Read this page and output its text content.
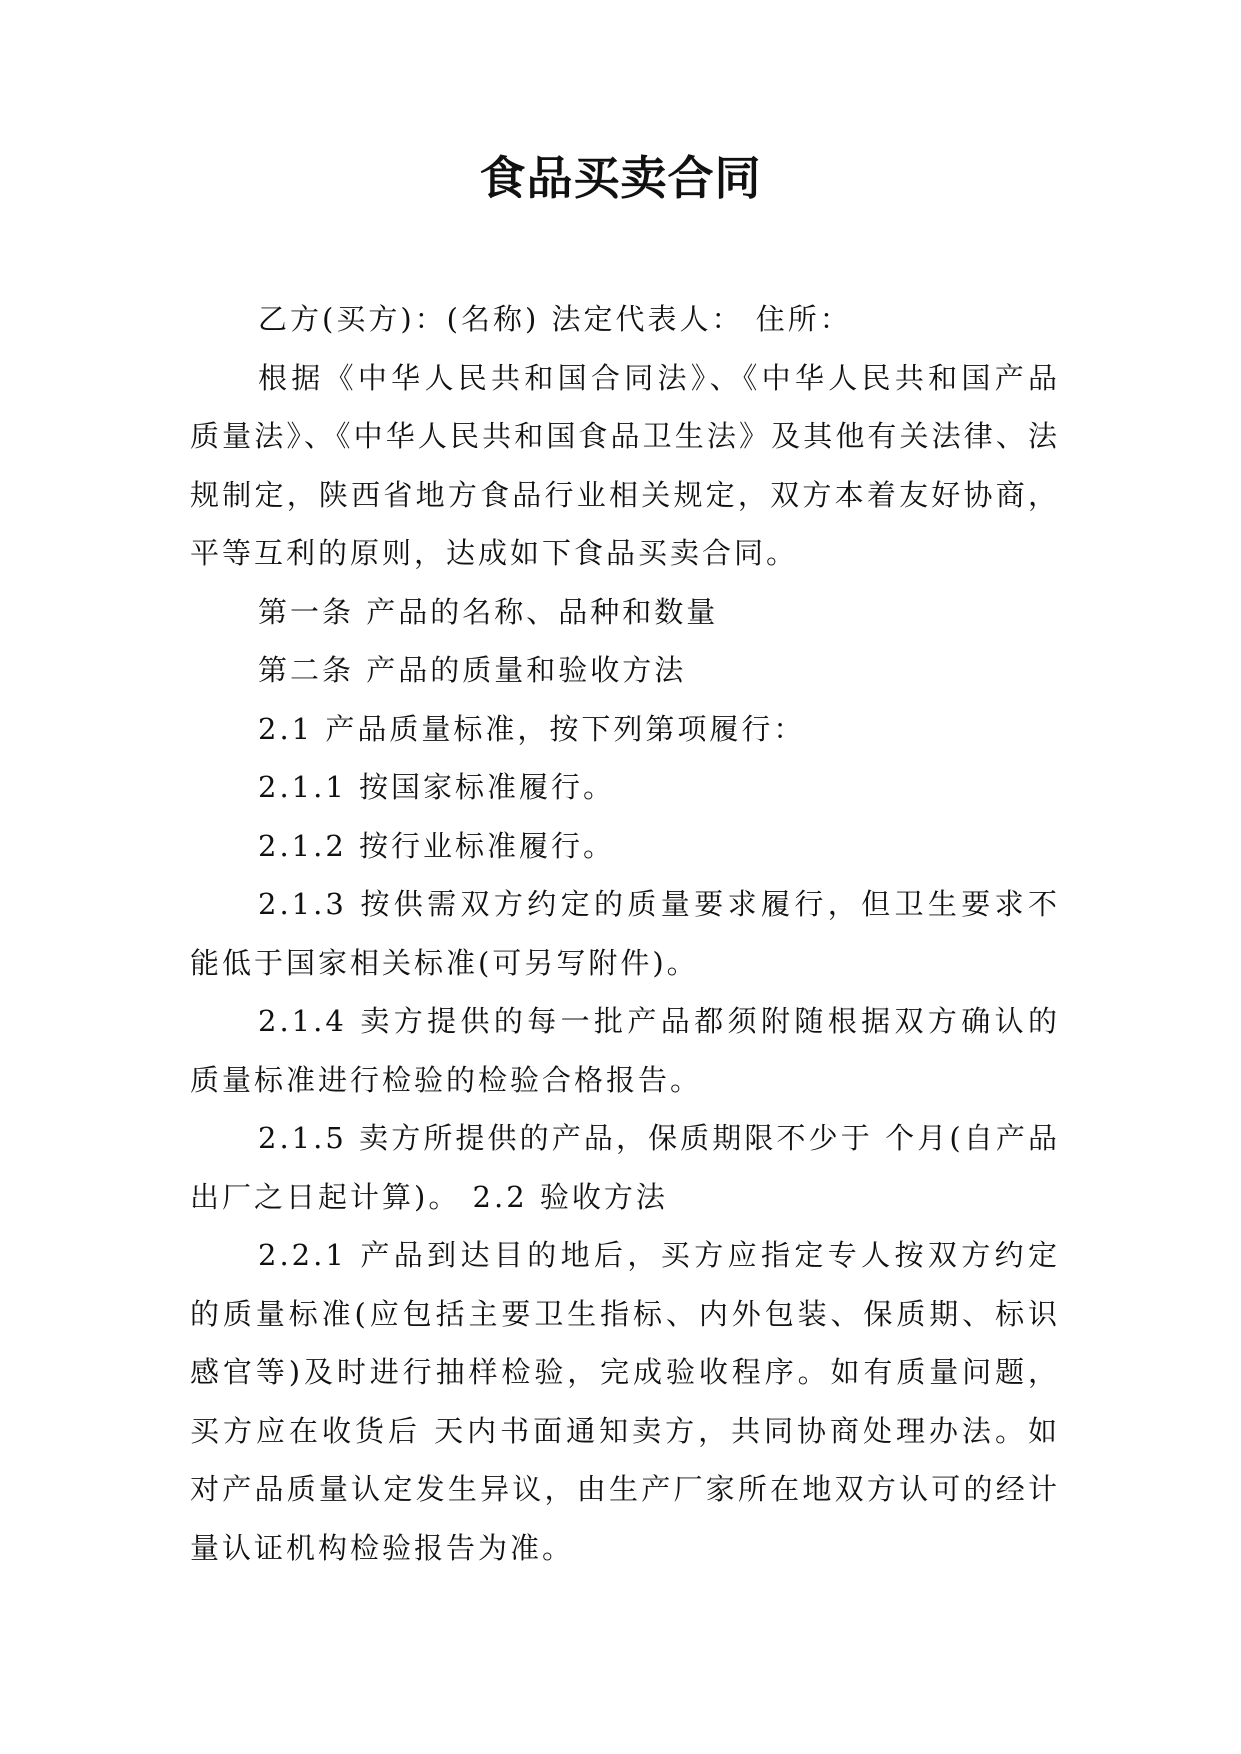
食品买卖合同

乙方(买方)：(名称) 法定代表人： 住所：

根据《中华人民共和国合同法》、《中华人民共和国产品质量法》、《中华人民共和国食品卫生法》及其他有关法律、法规制定，陕西省地方食品行业相关规定，双方本着友好协商，平等互利的原则，达成如下食品买卖合同。

第一条 产品的名称、品种和数量

第二条 产品的质量和验收方法

2.1 产品质量标准，按下列第项履行：

2.1.1 按国家标准履行。

2.1.2 按行业标准履行。

2.1.3 按供需双方约定的质量要求履行，但卫生要求不能低于国家相关标准(可另写附件)。

2.1.4 卖方提供的每一批产品都须附随根据双方确认的质量标准进行检验的检验合格报告。

2.1.5 卖方所提供的产品，保质期限不少于 个月(自产品出厂之日起计算)。 2.2 验收方法

2.2.1 产品到达目的地后，买方应指定专人按双方约定的质量标准(应包括主要卫生指标、内外包装、保质期、标识感官等)及时进行抽样检验，完成验收程序。如有质量问题，买方应在收货后 天内书面通知卖方，共同协商处理办法。如对产品质量认定发生异议，由生产厂家所在地双方认可的经计量认证机构检验报告为准。
